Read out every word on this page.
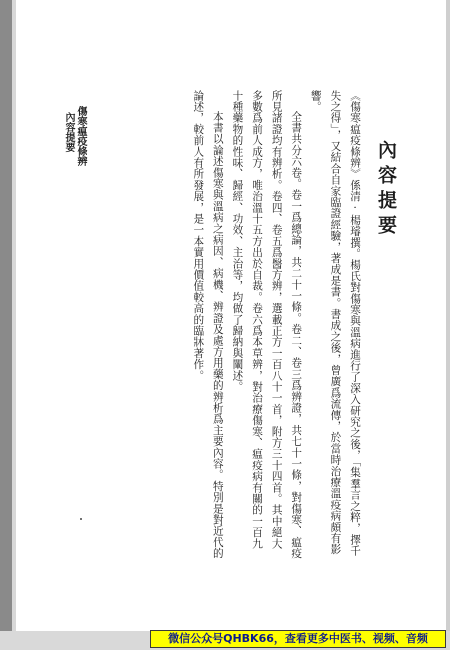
內容提要

《傷寒瘟疫條辨》係清·楊璿撰。楊氏對傷寒與溫病進行了深入研究之後，「集羣言之粹，擇千失之得」，又結合自家臨證經驗，著成是書。書成之後，曾廣爲流傳，於當時治療溫疫病頗有影響。

全書共分六卷。卷一爲總論，共二十一條。卷二、卷三爲辨證，共七十一條，對傷寒、瘟疫所見諸證均有辨析。卷四、卷五爲醫方辨，選載正方一百八十一首，附方三十四首。其中絕大多數爲前人成方，唯治溫十五方出於自裁。卷六爲本草辨，對治療傷寒、瘟疫病有關的一百九十種藥物的性味、歸經、功效、主治等，均做了歸納與闡述。

本書以論述傷寒與溫病之病因、病機、辨證及處方用藥的辨析爲主要內容。特別是對近代的論述，較前人有所發展，是一本實用價值較高的臨牀著作。

傷寒瘟疫條辨
內容提要
微信公众号QHBK66，查看更多中医书、视频、音频
